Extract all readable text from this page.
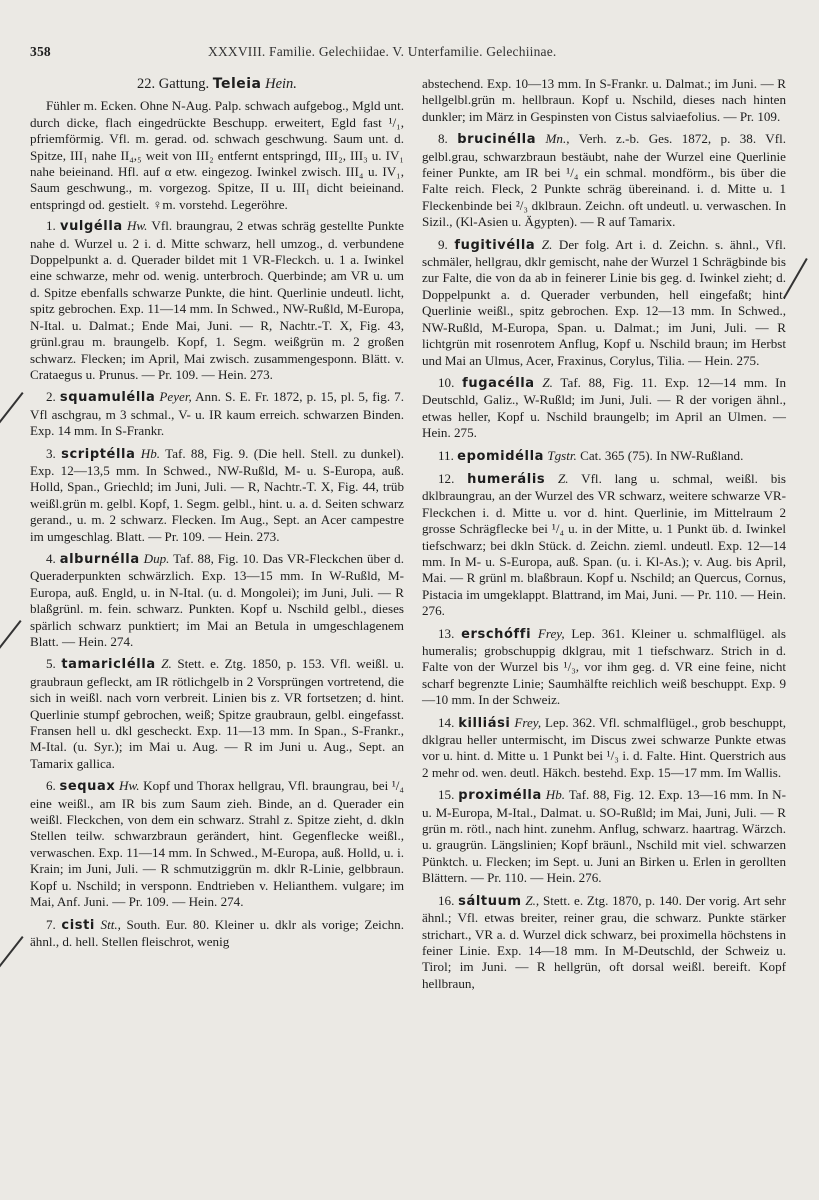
358	XXXVIII. Familie. Gelechiidae. V. Unterfamilie. Gelechiinae.
22. Gattung. Teleia Hein.

Fühler m. Ecken. Ohne N-Aug. Palp. schwach aufgebog., Mgld unt. durch dicke, flach eingedrückte Beschupp. erweitert, Egld fast ¹/₁, pfriemförmig. Vfl. m. gerad. od. schwach geschwung. Saum unt. d. Spitze, III₁ nahe II₄,₅ weit von III₂ entfernt entspringd, III₂, III₃ u. IV₁ nahe beieinand. Hfl. auf α etw. eingezog. Iwinkel zwisch. III₄ u. IV₁, Saum geschwung., m. vorgezog. Spitze, II u. III₁ dicht beieinand. entspringd od. gestielt. ♀m. vorstehd. Legeröhre.

1. vulgélla Hw. Vfl. braungrau, 2 etwas schräg gestellte Punkte nahe d. Wurzel u. 2 i. d. Mitte schwarz, hell umzog., d. verbundene Doppelpunkt a. d. Querader bildet mit 1 VR-Fleckch. u. 1 a. Iwinkel eine schwarze, mehr od. wenig. unterbroch. Querbinde; am VR u. um d. Spitze ebenfalls schwarze Punkte, die hint. Querlinie undeutl. licht, spitz gebrochen. Exp. 11—14 mm. In Schwed., NW-Rußld, M-Europa, N-Ital. u. Dalmat.; Ende Mai, Juni. — R, Nachtr.-T. X, Fig. 43, grünl.grau m. braungelb. Kopf, 1. Segm. weißgrün m. 2 großen schwarz. Flecken; im April, Mai zwisch. zusammengesponn. Blätt. v. Crataegus u. Prunus. — Pr. 109. — Hein. 273.

2. squamulélla Peyer, Ann. S. E. Fr. 1872, p. 15, pl. 5, fig. 7. Vfl aschgrau, m 3 schmal., V- u. IR kaum erreich. schwarzen Binden. Exp. 14 mm. In S-Frankr.

3. scriptélla Hb. Taf. 88, Fig. 9. (Die hell. Stell. zu dunkel). Exp. 12—13,5 mm. In Schwed., NW-Rußld, M- u. S-Europa, auß. Holld, Span., Griechld; im Juni, Juli. — R, Nachtr.-T. X, Fig. 44, trüb weißl.grün m. gelbl. Kopf, 1. Segm. gelbl., hint. u. a. d. Seiten schwarz gerand., u. m. 2 schwarz. Flecken. Im Aug., Sept. an Acer campestre im umgeschlag. Blatt. — Pr. 109. — Hein. 273.

4. alburnélla Dup. Taf. 88, Fig. 10. Das VR-Fleckchen über d. Queraderpunkten schwärzlich. Exp. 13—15 mm. In W-Rußld, M-Europa, auß. Engld, u. in N-Ital. (u. d. Mongolei); im Juni, Juli. — R blaßgrünl. m. fein. schwarz. Punkten. Kopf u. Nschild gelbl., dieses spärlich schwarz punktiert; im Mai an Betula in umgeschlagenem Blatt. — Hein. 274.

5. tamaricIélla Z. Stett. e. Ztg. 1850, p. 153. Vfl. weißl. u. graubraun gefleckt, am IR rötlichgelb in 2 Vorsprüngen vortretend, die sich in weißl. nach vorn verbreit. Linien bis z. VR fortsetzen; d. hint. Querlinie stumpf gebrochen, weiß; Spitze graubraun, gelbl. eingefasst. Fransen hell u. dkl gescheckt. Exp. 11—13 mm. In Span., S-Frankr., M-Ital. (u. Syr.); im Mai u. Aug. — R im Juni u. Aug., Sept. an Tamarix gallica.

6. sequax Hw. Kopf und Thorax hellgrau, Vfl. braungrau, bei ¹/₄ eine weißl., am IR bis zum Saum zieh. Binde, an d. Querader ein weißl. Fleckchen, von dem ein schwarz. Strahl z. Spitze zieht, d. dkln Stellen teilw. schwarzbraun gerändert, hint. Gegenflecke weißl., verwaschen. Exp. 11—14 mm. In Schwed., M-Europa, auß. Holld, u. i. Krain; im Juni, Juli. — R schmutziggrün m. dklr R-Linie, gelbbraun. Kopf u. Nschild; in versponn. Endtrieben v. Helianthem. vulgare; im Mai, Anf. Juni. — Pr. 109. — Hein. 274.

7. cisti Stt., South. Eur. 80. Kleiner u. dklr als vorige; Zeichn. ähnl., d. hell. Stellen fleischrot, wenig

abstechend. Exp. 10—13 mm. In S-Frankr. u. Dalmat.; im Juni. — R hellgelbl.grün m. hellbraun. Kopf u. Nschild, dieses nach hinten dunkler; im März in Gespinsten von Cistus salviaefolius. — Pr. 109.

8. brucinélla Mn., Verh. z.-b. Ges. 1872, p. 38. Vfl. gelbl.grau, schwarzbraun bestäubt, nahe der Wurzel eine Querlinie feiner Punkte, am IR bei ¹/₄ ein schmal. mondförm., bis über die Falte reich. Fleck, 2 Punkte schräg übereinand. i. d. Mitte u. 1 Fleckenbinde bei ²/₃ dklbraun. Zeichn. oft undeutl. u. verwaschen. In Sizil., (Kl-Asien u. Ägypten). — R auf Tamarix.

9. fugitivélla Z. Der folg. Art i. d. Zeichn. s. ähnl., Vfl. schmäler, hellgrau, dklr gemischt, nahe der Wurzel 1 Schrägbinde bis zur Falte, die von da ab in feinerer Linie bis geg. d. Iwinkel zieht; d. Doppelpunkt a. d. Querader verbunden, hell eingefaßt; hint. Querlinie weißl., spitz gebrochen. Exp. 12—13 mm. In Schwed., NW-Rußld, M-Europa, Span. u. Dalmat.; im Juni, Juli. — R lichtgrün mit rosenrotem Anflug, Kopf u. Nschild braun; im Herbst und Mai an Ulmus, Acer, Fraxinus, Corylus, Tilia. — Hein. 275.

10. fugacélla Z. Taf. 88, Fig. 11. Exp. 12—14 mm. In Deutschld, Galiz., W-Rußld; im Juni, Juli. — R der vorigen ähnl., etwas heller, Kopf u. Nschild braungelb; im April an Ulmen. — Hein. 275.

11. epomidélla Tgstr. Cat. 365 (75). In NW-Rußland.

12. humerális Z. Vfl. lang u. schmal, weißl. bis dklbraungrau, an der Wurzel des VR schwarz, weitere schwarze VR-Fleckchen i. d. Mitte u. vor d. hint. Querlinie, im Mittelraum 2 grosse Schrägflecke bei ¹/₄ u. in der Mitte, u. 1 Punkt üb. d. Iwinkel tiefschwarz; bei dkln Stück. d. Zeichn. zieml. undeutl. Exp. 12—14 mm. In M- u. S-Europa, auß. Span. (u. i. Kl-As.); v. Aug. bis April, Mai. — R grünl m. blaßbraun. Kopf u. Nschild; an Quercus, Cornus, Pistacia im umgeklappt. Blattrand, im Mai, Juni. — Pr. 110. — Hein. 276.

13. erschóffi Frey, Lep. 361. Kleiner u. schmalflügel. als humeralis; grobschuppig dklgrau, mit 1 tiefschwarz. Strich in d. Falte von der Wurzel bis ¹/₃, vor ihm geg. d. VR eine feine, nicht scharf begrenzte Linie; Saumhälfte reichlich weiß beschuppt. Exp. 9—10 mm. In der Schweiz.

14. killiási Frey, Lep. 362. Vfl. schmalflügel., grob beschuppt, dklgrau heller untermischt, im Discus zwei schwarze Punkte etwas vor u. hint. d. Mitte u. 1 Punkt bei ¹/₃ i. d. Falte. Hint. Querstrich aus 2 mehr od. wen. deutl. Häkch. bestehd. Exp. 15—17 mm. Im Wallis.

15. proximélla Hb. Taf. 88, Fig. 12. Exp. 13—16 mm. In N- u. M-Europa, M-Ital., Dalmat. u. SO-Rußld; im Mai, Juni, Juli. — R grün m. rötl., nach hint. zunehm. Anflug, schwarz. haartrag. Wärzch. u. graugrün. Längslinien; Kopf bräunl., Nschild mit viel. schwarzen Pünktch. u. Flecken; im Sept. u. Juni an Birken u. Erlen in gerollten Blättern. — Pr. 110. — Hein. 276.

16. sáltuum Z., Stett. e. Ztg. 1870, p. 140. Der vorig. Art sehr ähnl.; Vfl. etwas breiter, reiner grau, die schwarz. Punkte stärker strichart., VR a. d. Wurzel dick schwarz, bei proximella höchstens in feiner Linie. Exp. 14—18 mm. In M-Deutschld, der Schweiz u. Tirol; im Juni. — R hellgrün, oft dorsal weißl. bereift. Kopf hellbraun,
